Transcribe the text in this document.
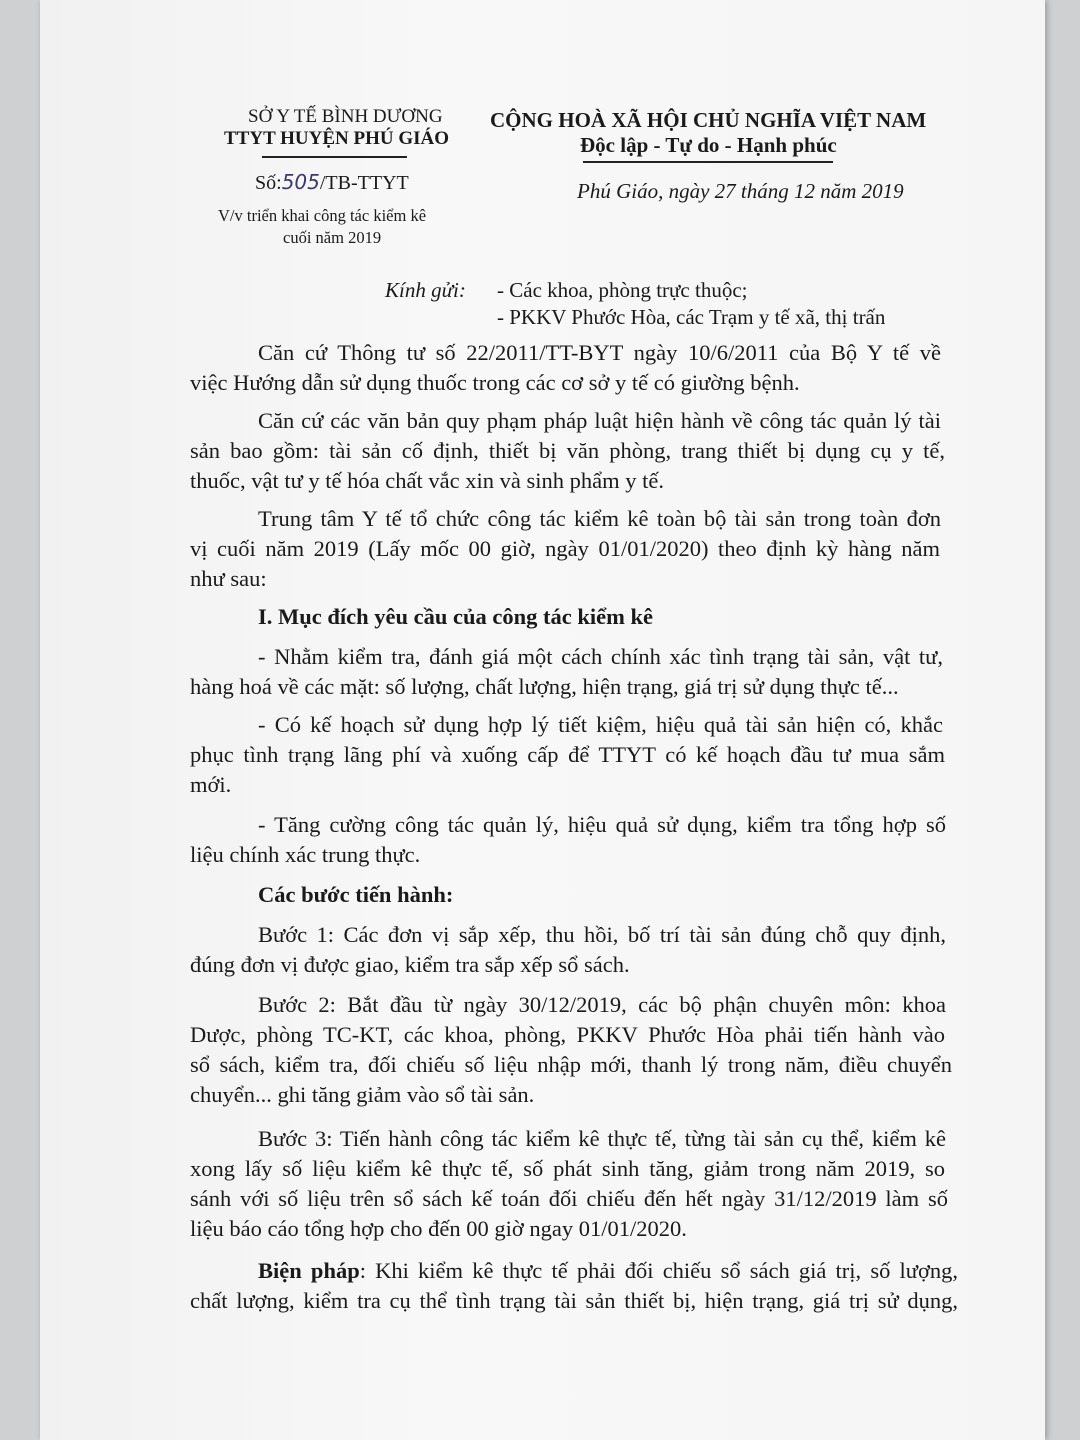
SỞ Y TẾ BÌNH DƯƠNG
TTYT HUYỆN PHÚ GIÁO
Số:505/TB-TTYT
V/v triển khai công tác kiểm kê
cuối năm 2019
CỘNG HOÀ XÃ HỘI CHỦ NGHĨA VIỆT NAM
Độc lập - Tự do - Hạnh phúc
Phú Giáo, ngày 27 tháng 12 năm 2019
Kính gửi: - Các khoa, phòng trực thuộc;
- PKKV Phước Hòa, các Trạm y tế xã, thị trấn
Căn cứ Thông tư số 22/2011/TT-BYT ngày 10/6/2011 của Bộ Y tế về
việc Hướng dẫn sử dụng thuốc trong các cơ sở y tế có giường bệnh.
Căn cứ các văn bản quy phạm pháp luật hiện hành về công tác quản lý tài
sản bao gồm: tài sản cố định, thiết bị văn phòng, trang thiết bị dụng cụ y tế,
thuốc, vật tư y tế hóa chất vắc xin và sinh phẩm y tế.
Trung tâm Y tế tổ chức công tác kiểm kê toàn bộ tài sản trong toàn đơn
vị cuối năm 2019 (Lấy mốc 00 giờ, ngày 01/01/2020) theo định kỳ hàng năm
như sau:
I. Mục đích yêu cầu của công tác kiểm kê
- Nhằm kiểm tra, đánh giá một cách chính xác tình trạng tài sản, vật tư,
hàng hoá về các mặt: số lượng, chất lượng, hiện trạng, giá trị sử dụng thực tế...
- Có kế hoạch sử dụng hợp lý tiết kiệm, hiệu quả tài sản hiện có, khắc
phục tình trạng lãng phí và xuống cấp để TTYT có kế hoạch đầu tư mua sắm
mới.
- Tăng cường công tác quản lý, hiệu quả sử dụng, kiểm tra tổng hợp số
liệu chính xác trung thực.
Các bước tiến hành:
Bước 1: Các đơn vị sắp xếp, thu hồi, bố trí tài sản đúng chỗ quy định,
đúng đơn vị được giao, kiểm tra sắp xếp sổ sách.
Bước 2: Bắt đầu từ ngày 30/12/2019, các bộ phận chuyên môn: khoa
Dược, phòng TC-KT, các khoa, phòng, PKKV Phước Hòa phải tiến hành vào
sổ sách, kiểm tra, đối chiếu số liệu nhập mới, thanh lý trong năm, điều chuyển
chuyển... ghi tăng giảm vào sổ tài sản.
Bước 3: Tiến hành công tác kiểm kê thực tế, từng tài sản cụ thể, kiểm kê
xong lấy số liệu kiểm kê thực tế, số phát sinh tăng, giảm trong năm 2019, so
sánh với số liệu trên sổ sách kế toán đối chiếu đến hết ngày 31/12/2019 làm số
liệu báo cáo tổng hợp cho đến 00 giờ ngay 01/01/2020.
Biện pháp: Khi kiểm kê thực tế phải đối chiếu sổ sách giá trị, số lượng,
chất lượng, kiểm tra cụ thể tình trạng tài sản thiết bị, hiện trạng, giá trị sử dụng,
